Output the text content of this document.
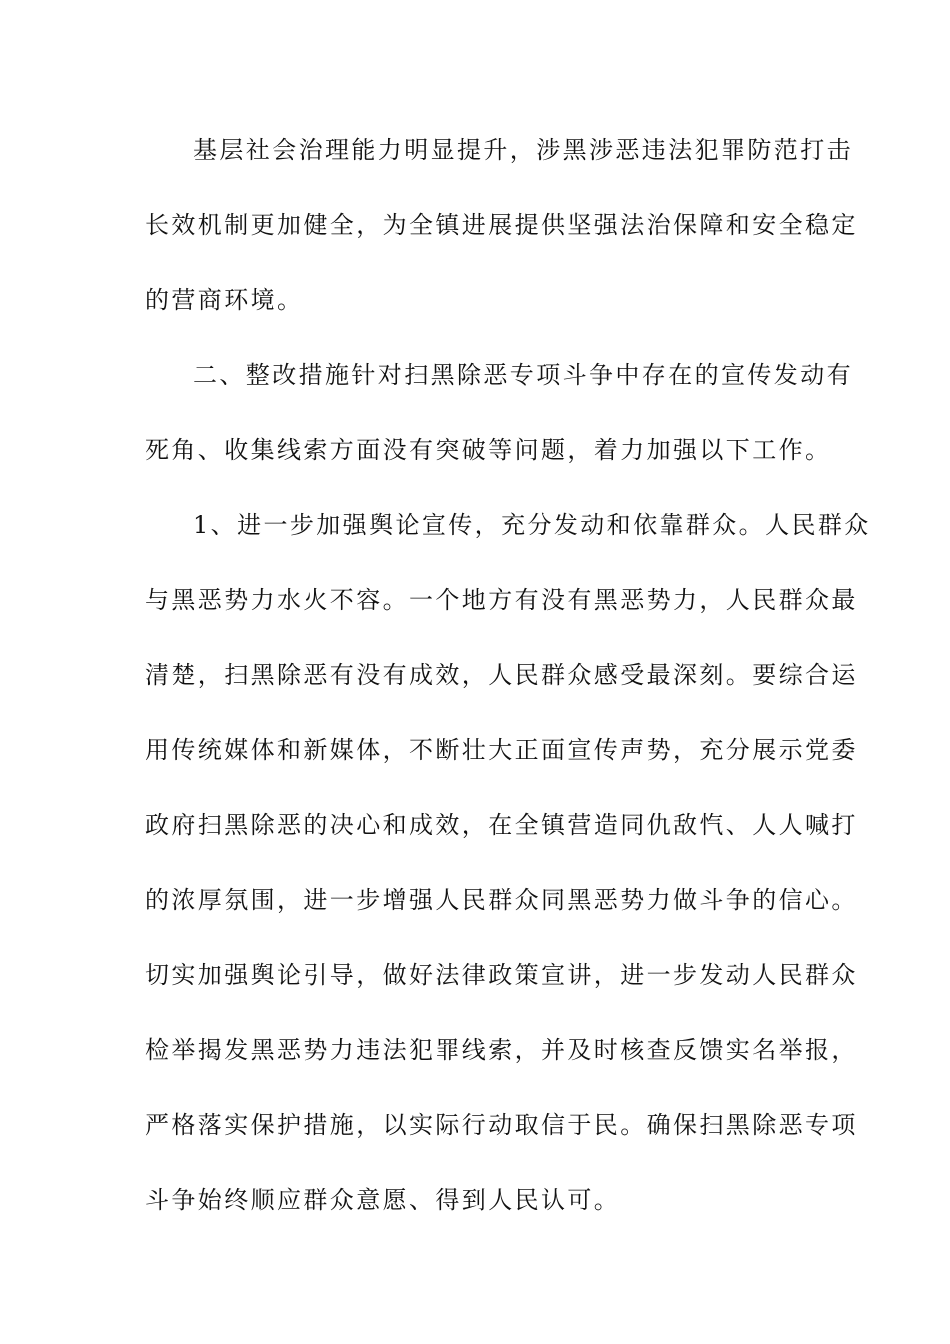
基层社会治理能力明显提升，涉黑涉恶违法犯罪防范打击
长效机制更加健全，为全镇进展提供坚强法治保障和安全稳定
的营商环境。
二、整改措施针对扫黑除恶专项斗争中存在的宣传发动有
死角、收集线索方面没有突破等问题，着力加强以下工作。
1、进一步加强舆论宣传，充分发动和依靠群众。人民群众
与黑恶势力水火不容。一个地方有没有黑恶势力，人民群众最
清楚，扫黑除恶有没有成效，人民群众感受最深刻。要综合运
用传统媒体和新媒体，不断壮大正面宣传声势，充分展示党委
政府扫黑除恶的决心和成效，在全镇营造同仇敌忾、人人喊打
的浓厚氛围，进一步增强人民群众同黑恶势力做斗争的信心。
切实加强舆论引导，做好法律政策宣讲，进一步发动人民群众
检举揭发黑恶势力违法犯罪线索，并及时核查反馈实名举报，
严格落实保护措施，以实际行动取信于民。确保扫黑除恶专项
斗争始终顺应群众意愿、得到人民认可。
